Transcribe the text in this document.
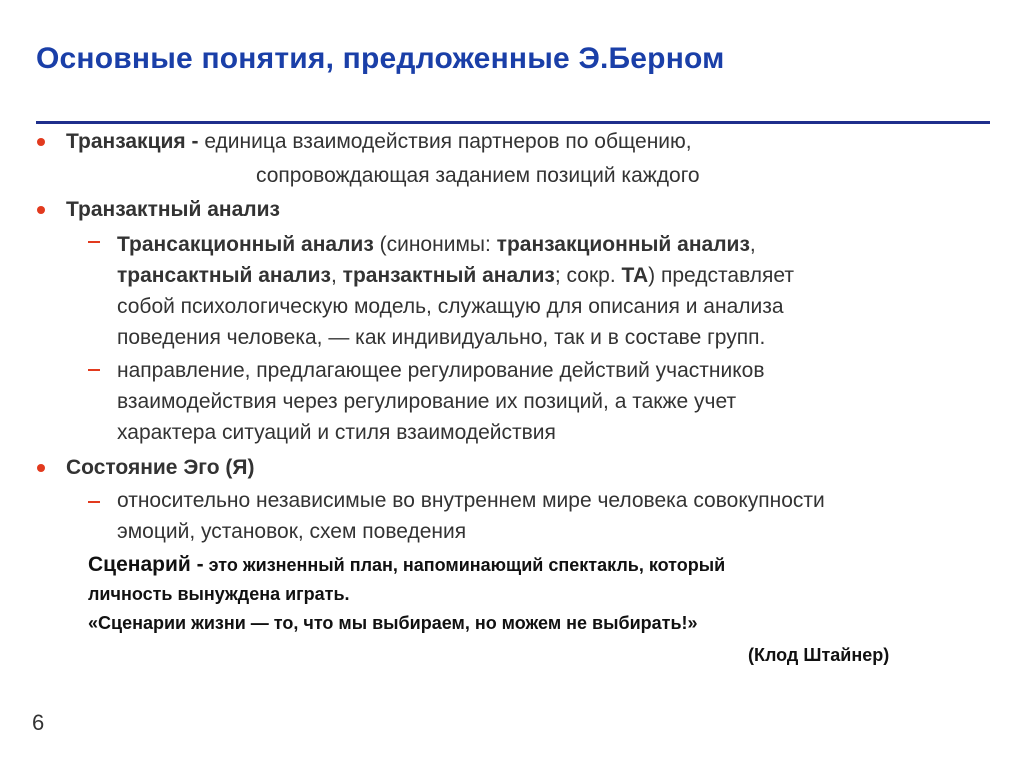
Основные понятия, предложенные Э.Берном
Транзакция - единица взаимодействия партнеров по общению,
сопровождающая заданием позиций каждого
Транзактный анализ
Трансакционный анализ (синонимы: транзакционный анализ,
трансактный анализ, транзактный анализ; сокр. ТА) представляет
собой психологическую модель, служащую для описания и анализа
поведения человека, — как индивидуально, так и в составе групп.
направление, предлагающее регулирование действий участников
взаимодействия через регулирование их позиций, а также учет
характера ситуаций и стиля взаимодействия
Состояние Эго (Я)
относительно независимые во внутреннем мире человека совокупности
эмоций, установок, схем поведения
Сценарий - это жизненный план, напоминающий спектакль, который
личность вынуждена играть.
«Сценарии жизни — то, что мы выбираем, но можем не выбирать!»
(Клод Штайнер)
6
